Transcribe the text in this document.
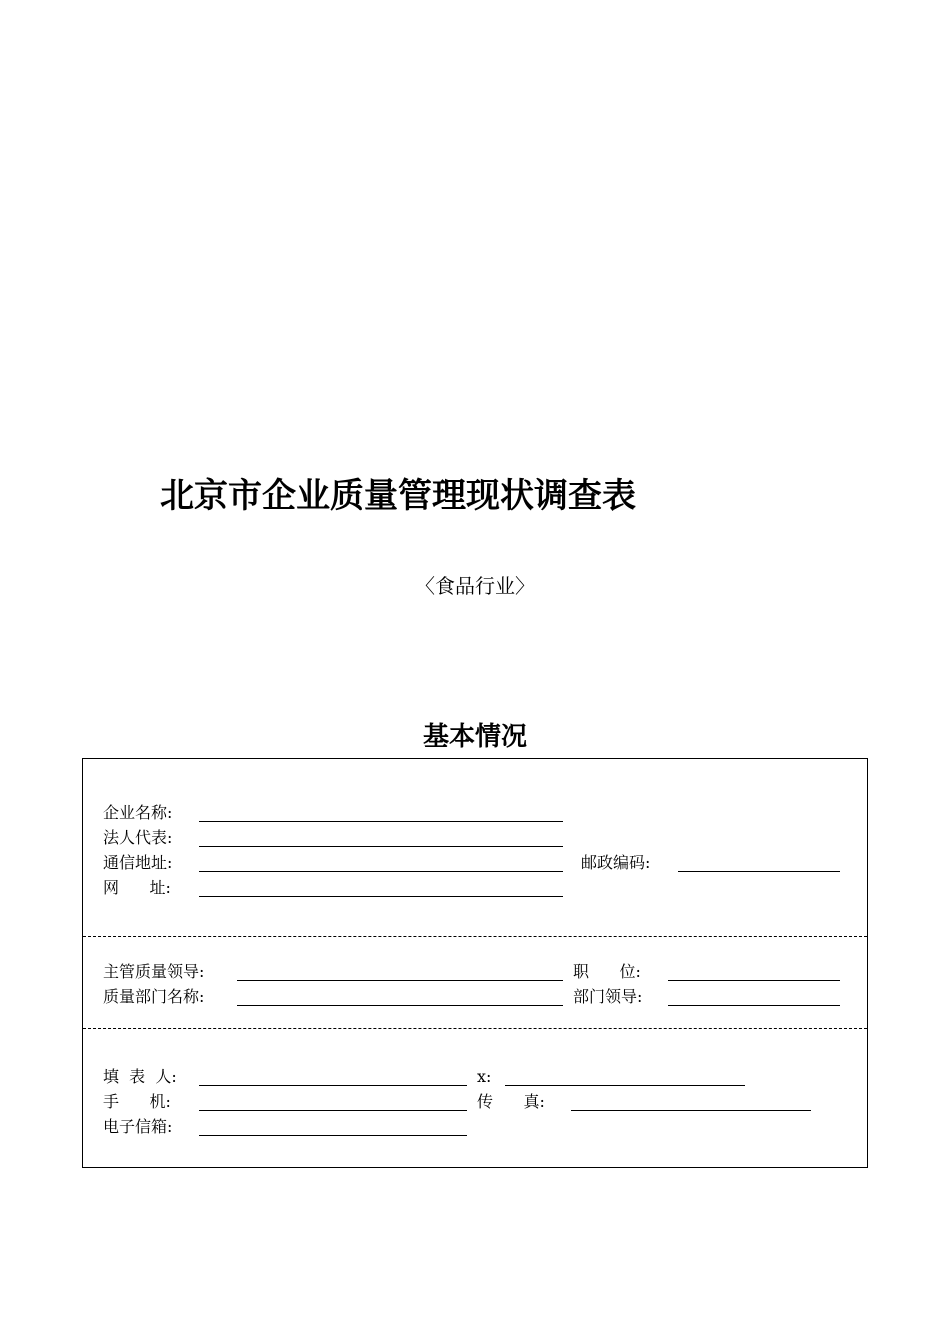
北京市企业质量管理现状调查表
〈食品行业〉
基本情况
企业名称:
法人代表:
通信地址:	邮政编码:
网      址:
主管质量领导:	职      位:
质量部门名称:	部门领导:
填  表  人:	x:
手      机:	传      真:
电子信箱:
